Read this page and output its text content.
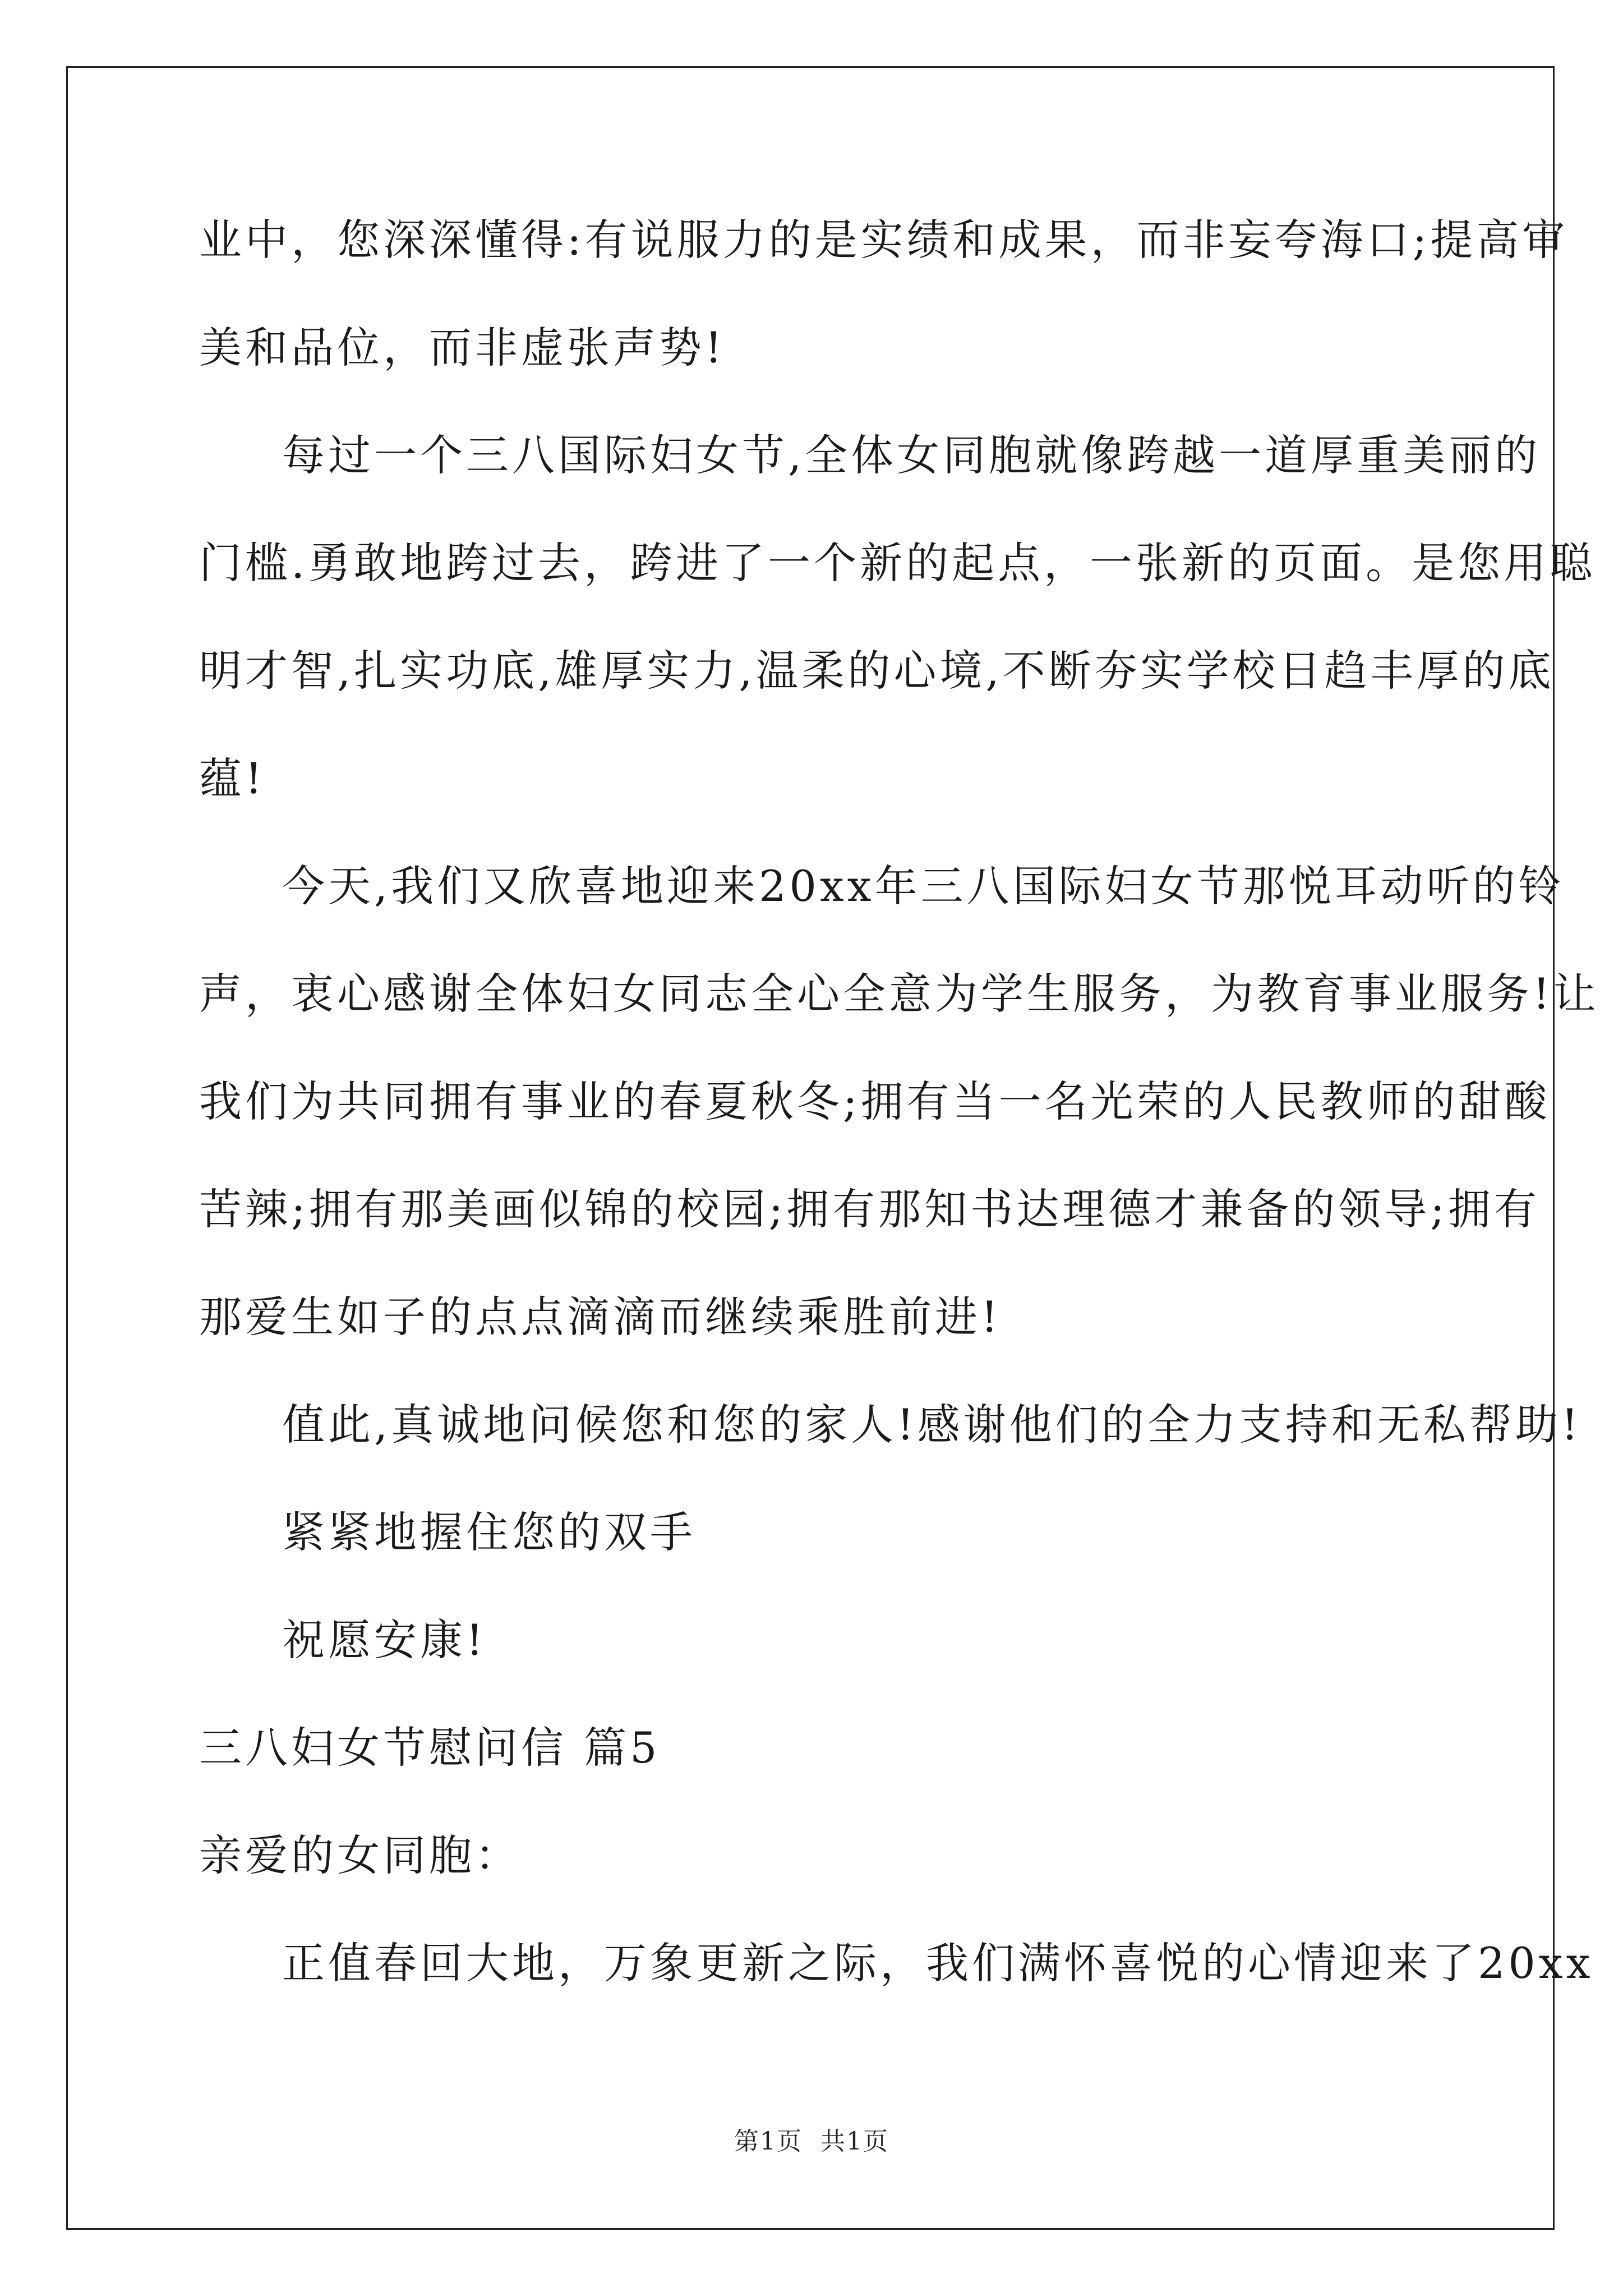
业中，您深深懂得:有说服力的是实绩和成果，而非妄夸海口;提高审
美和品位，而非虚张声势!
每过一个三八国际妇女节,全体女同胞就像跨越一道厚重美丽的
门槛.勇敢地跨过去，跨进了一个新的起点，一张新的页面。是您用聪
明才智,扎实功底,雄厚实力,温柔的心境,不断夯实学校日趋丰厚的底
蕴!
今天,我们又欣喜地迎来20xx年三八国际妇女节那悦耳动听的铃
声，衷心感谢全体妇女同志全心全意为学生服务，为教育事业服务!让
我们为共同拥有事业的春夏秋冬;拥有当一名光荣的人民教师的甜酸
苦辣;拥有那美画似锦的校园;拥有那知书达理德才兼备的领导;拥有
那爱生如子的点点滴滴而继续乘胜前进!
值此,真诚地问候您和您的家人!感谢他们的全力支持和无私帮助!
紧紧地握住您的双手
祝愿安康!
三八妇女节慰问信 篇5
亲爱的女同胞：
正值春回大地，万象更新之际，我们满怀喜悦的心情迎来了20xx
第1页 共1页
